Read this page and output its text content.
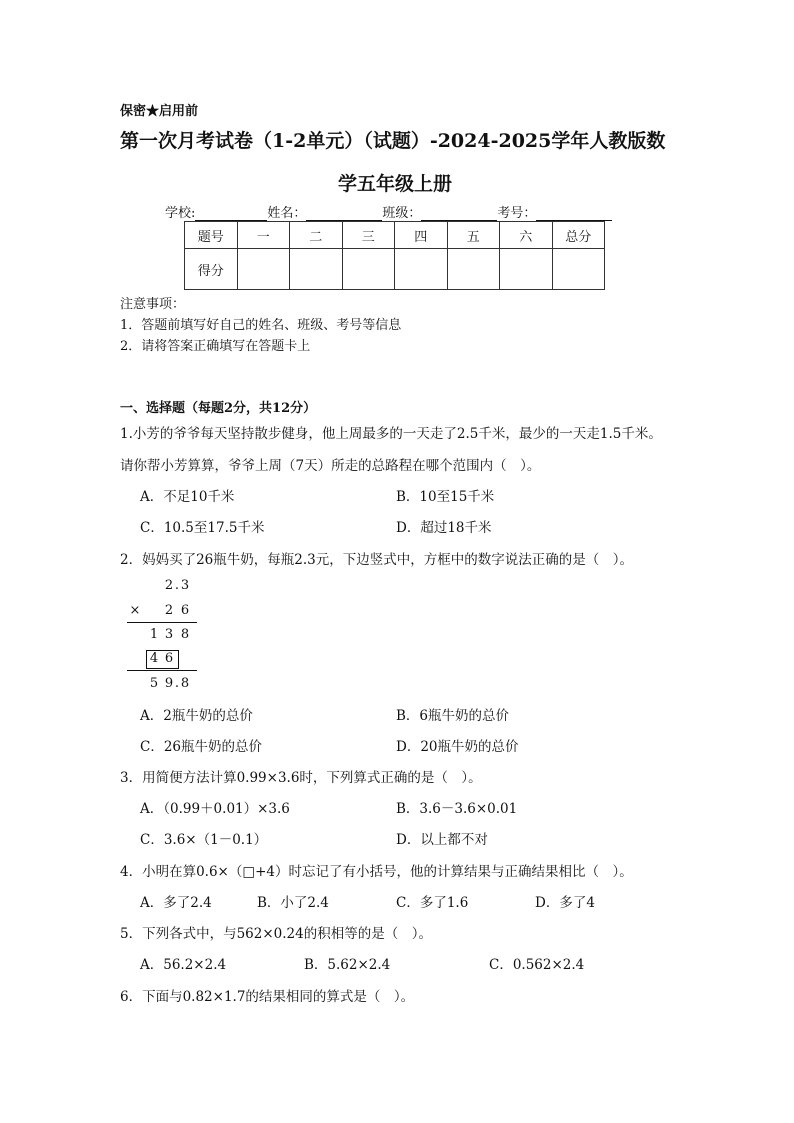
保密★启用前
第一次月考试卷（1-2单元）（试题）-2024-2025学年人教版数
学五年级上册
学校:	姓名：	班级：	考号：
题号	一	二	三	四	五	六	总分
得分							
注意事项：
1．答题前填写好自己的姓名、班级、考号等信息
2．请将答案正确填写在答题卡上
一、选择题（每题2分，共12分）
1.小芳的爷爷每天坚持散步健身，他上周最多的一天走了2.5千米，最少的一天走1.5千米。
请你帮小芳算算，爷爷上周（7天）所走的总路程在哪个范围内（　）。
A．不足10千米	B．10至15千米
C．10.5至17.5千米	D．超过18千米
2．妈妈买了26瓶牛奶，每瓶2.3元，下边竖式中，方框中的数字说法正确的是（　）。
2 . 3
× 2 6
1 3 8
4 6
5 9 . 8
A．2瓶牛奶的总价	B．6瓶牛奶的总价
C．26瓶牛奶的总价	D．20瓶牛奶的总价
3．用简便方法计算0.99×3.6时，下列算式正确的是（　）。
A．（0.99＋0.01）×3.6	B．3.6－3.6×0.01
C．3.6×（1－0.1）	D．以上都不对
4．小明在算0.6×（□+4）时忘记了有小括号，他的计算结果与正确结果相比（　）。
A．多了2.4	B．小了2.4	C．多了1.6	D．多了4
5．下列各式中，与562×0.24的积相等的是（　）。
A．56.2×2.4	B．5.62×2.4	C．0.562×2.4
6．下面与0.82×1.7的结果相同的算式是（　）。
